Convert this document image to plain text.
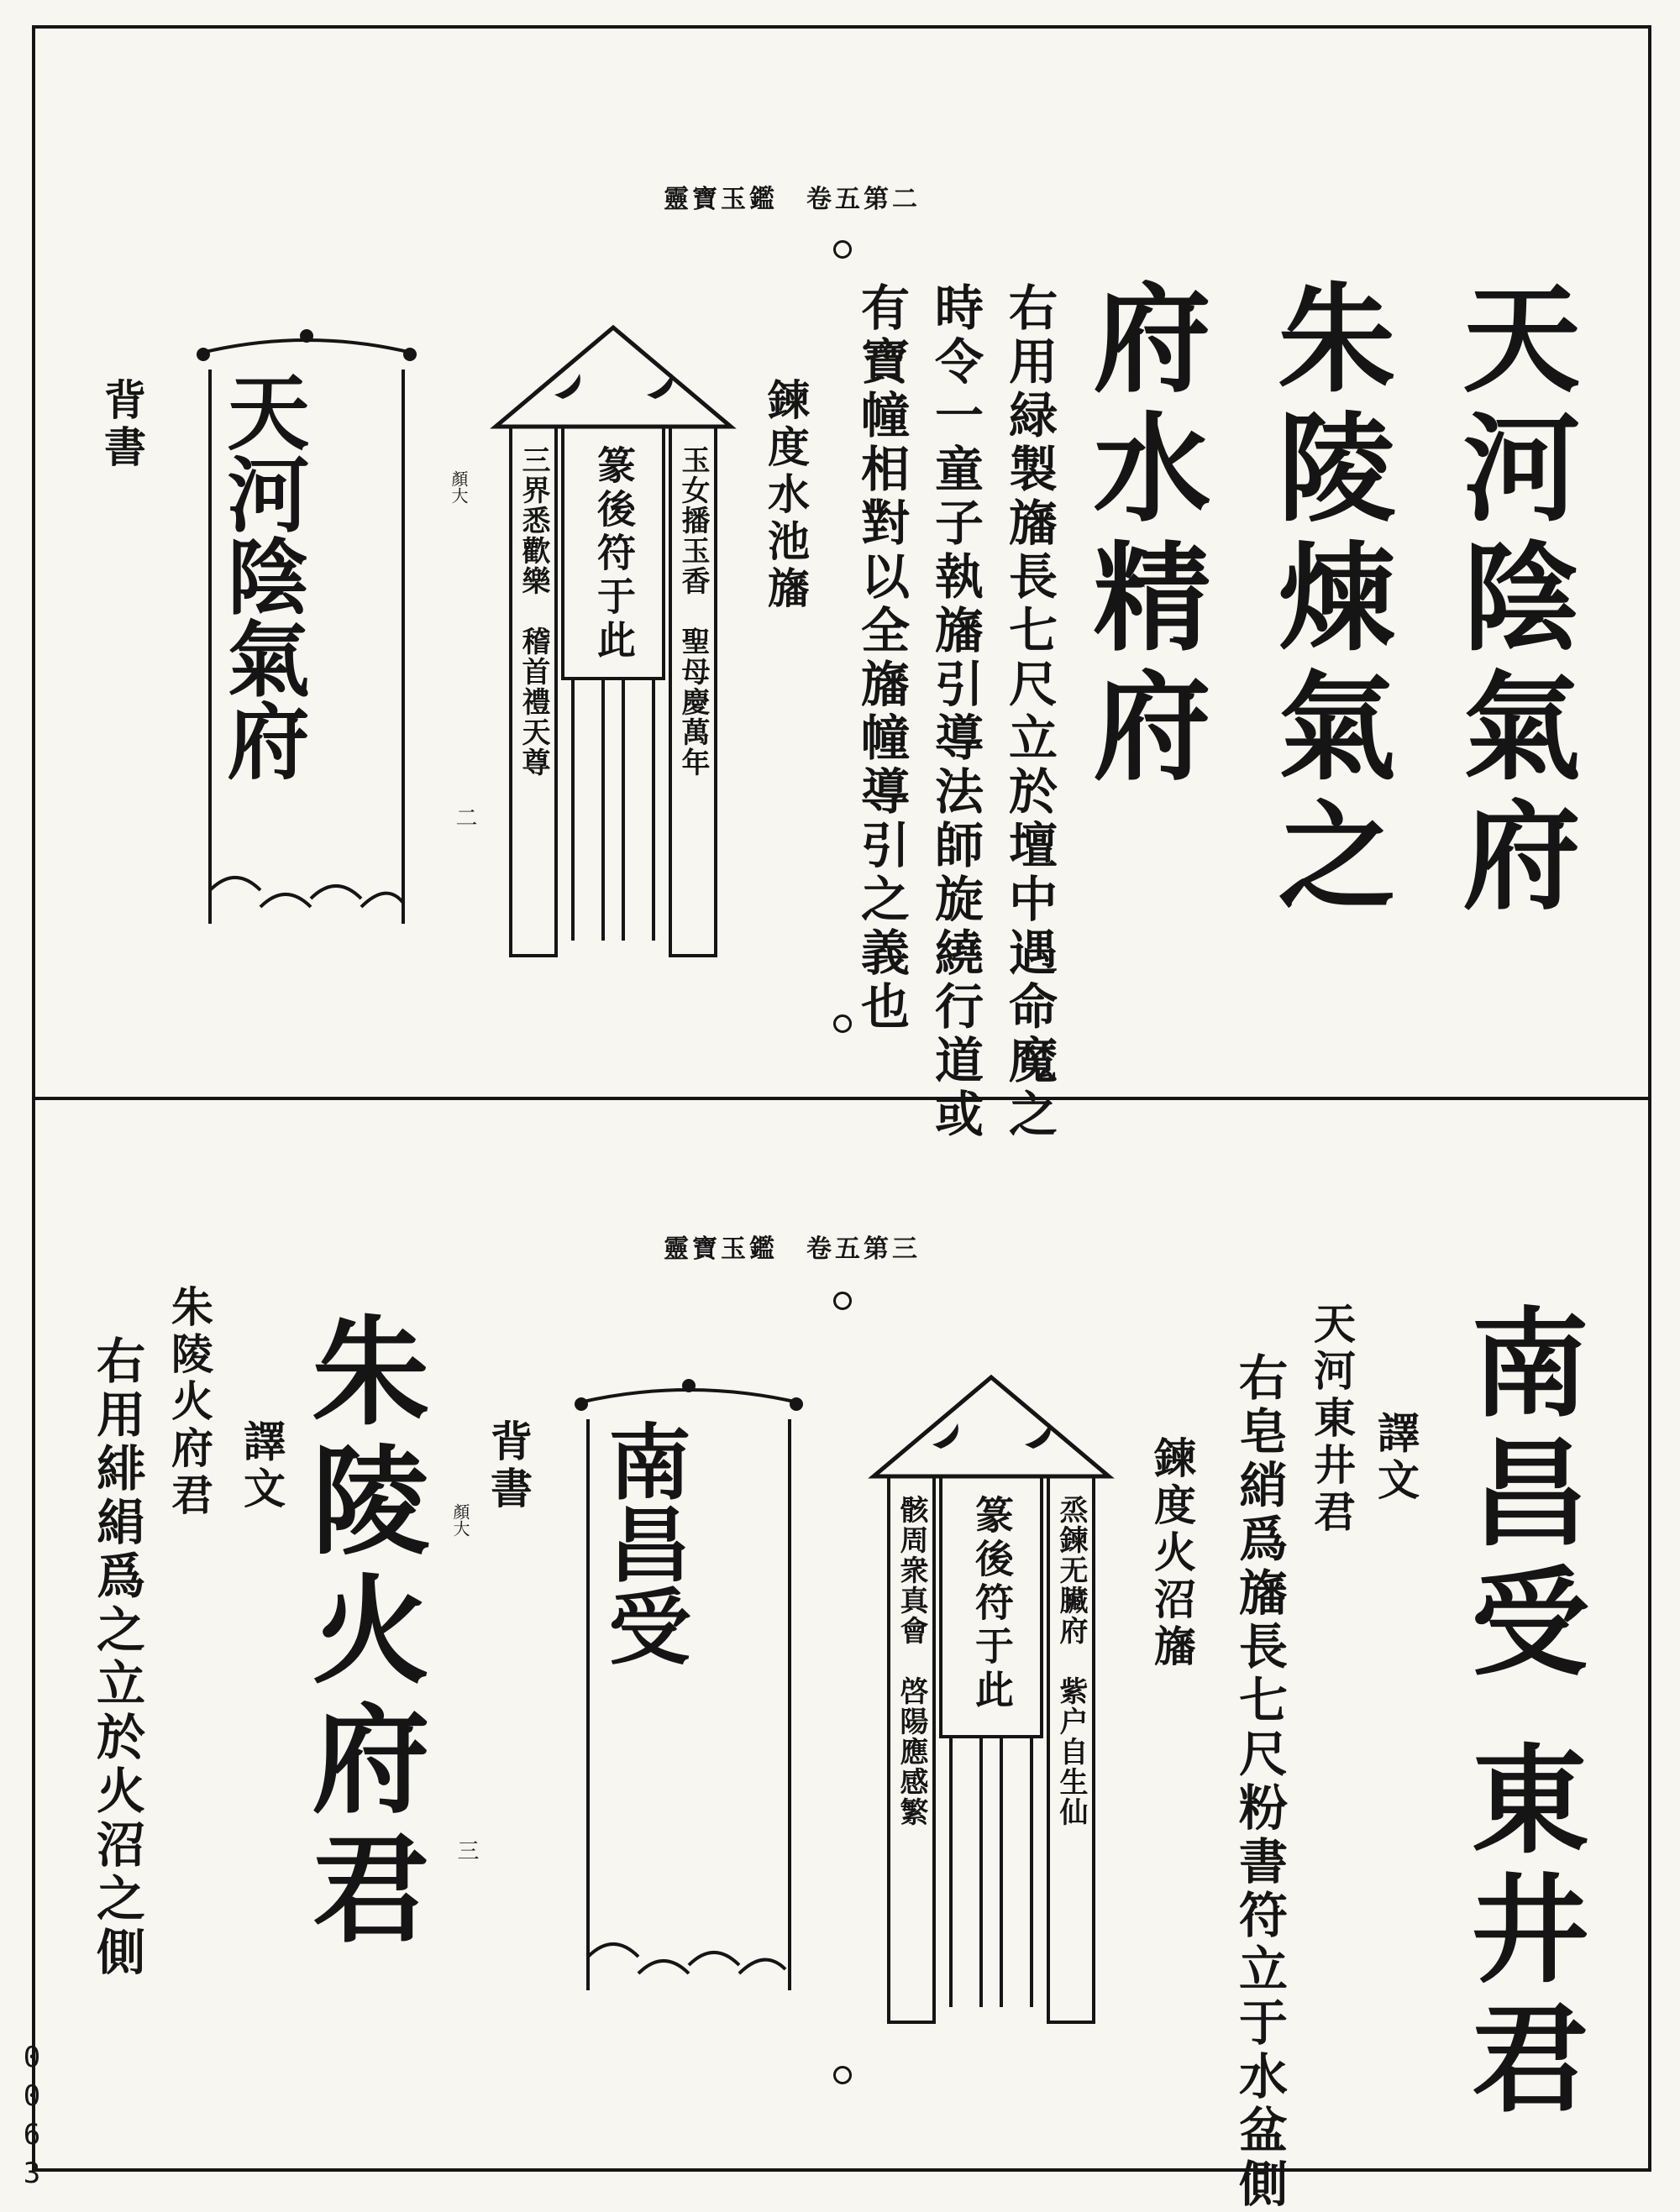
0063
靈寶玉鑑　卷五第二
天河陰氣府
朱陵煉氣之
府水精府
右用緑製旛長七尺立於壇中遇命魔之
時令一童子執旛引導法師旋繞行道或
有寶幢相對以全旛幢導引之義也
鍊度水池旛
玉女播玉香　聖母慶萬年
篆後符于此
三界悉歡樂　稽首禮天尊
顏大
二
天河陰氣府
背書
靈寶玉鑑　卷五第三
南昌受
東井君
譯文
天河東井君
右皂綃爲旛長七尺粉書符立于水盆側
鍊度火沼旛
烝鍊无臟府　紫户自生仙
篆後符于此
骸周衆真會　啓陽應感繁
南昌受
背書
顏大
三
朱陵火府君
譯文
朱陵火府君
右用緋絹爲之立於火沼之側
